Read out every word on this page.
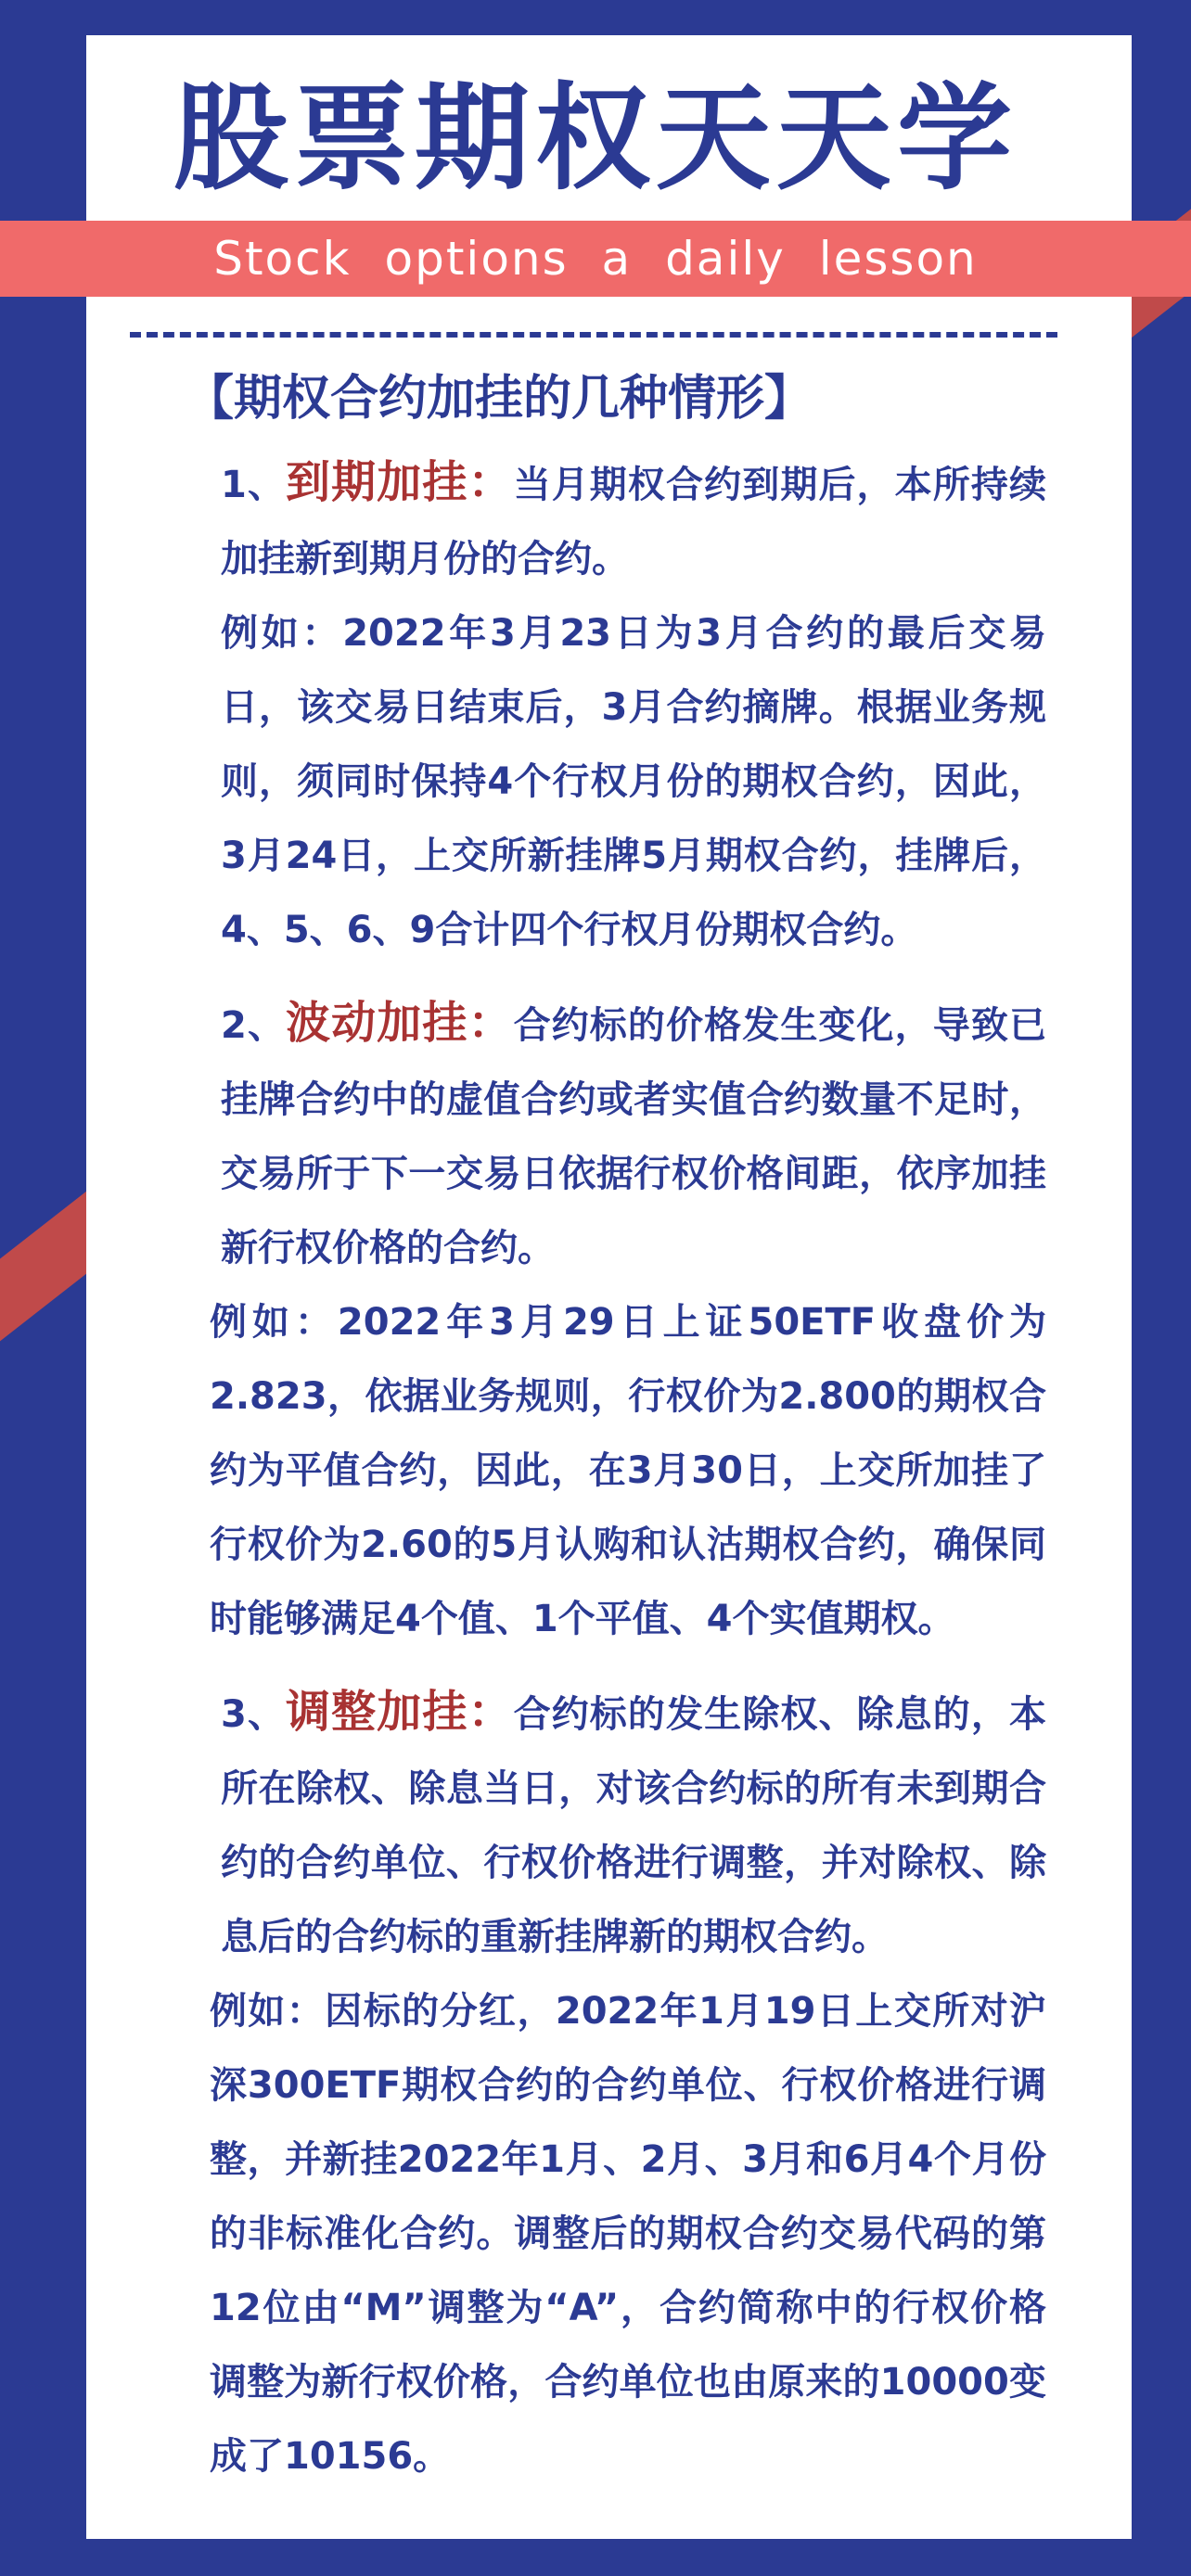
股票期权天天学
Stock options a daily lesson
【期权合约加挂的几种情形】

1、到期加挂：当月期权合约到期后，本所持续加挂新到期月份的合约。

例如：2022年3月23日为3月合约的最后交易日，该交易日结束后，3月合约摘牌。根据业务规则，须同时保持4个行权月份的期权合约，因此，3月24日，上交所新挂牌5月期权合约，挂牌后，4、5、6、9合计四个行权月份期权合约。

2、波动加挂：合约标的价格发生变化，导致已挂牌合约中的虚值合约或者实值合约数量不足时，交易所于下一交易日依据行权价格间距，依序加挂新行权价格的合约。

例如：2022年3月29日上证50ETF收盘价为2.823，依据业务规则，行权价为2.800的期权合约为平值合约，因此，在3月30日，上交所加挂了行权价为2.60的5月认购和认沽期权合约，确保同时能够满足4个值、1个平值、4个实值期权。

3、调整加挂：合约标的发生除权、除息的，本所在除权、除息当日，对该合约标的所有未到期合约的合约单位、行权价格进行调整，并对除权、除息后的合约标的重新挂牌新的期权合约。

例如：因标的分红，2022年1月19日上交所对沪深300ETF期权合约的合约单位、行权价格进行调整，并新挂2022年1月、2月、3月和6月4个月份的非标准化合约。调整后的期权合约交易代码的第12位由“M”调整为“A”，合约简称中的行权价格调整为新行权价格，合约单位也由原来的10000变成了10156。
